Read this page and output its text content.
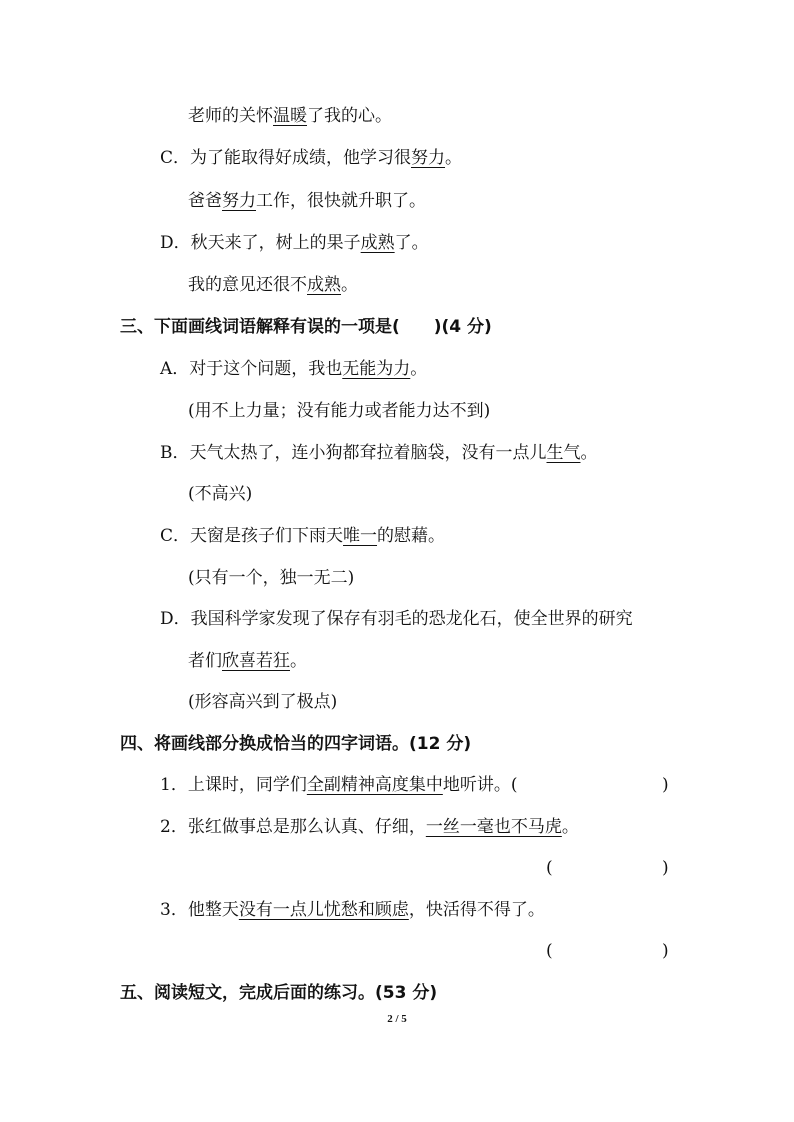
老师的关怀温暖了我的心。
C．为了能取得好成绩，他学习很努力。
爸爸努力工作，很快就升职了。
D．秋天来了，树上的果子成熟了。
我的意见还很不成熟。
三、下面画线词语解释有误的一项是(　　)(4 分)
A．对于这个问题，我也无能为力。
(用不上力量；没有能力或者能力达不到)
B．天气太热了，连小狗都耷拉着脑袋，没有一点儿生气。
(不高兴)
C．天窗是孩子们下雨天唯一的慰藉。
(只有一个，独一无二)
D．我国科学家发现了保存有羽毛的恐龙化石，使全世界的研究
者们欣喜若狂。
(形容高兴到了极点)
四、将画线部分换成恰当的四字词语。(12 分)
1．上课时，同学们全副精神高度集中地听讲。(	)
2．张红做事总是那么认真、仔细，一丝一毫也不马虎。
(	)
3．他整天没有一点儿忧愁和顾虑，快活得不得了。
(	)
五、阅读短文，完成后面的练习。(53 分)
2 / 5
